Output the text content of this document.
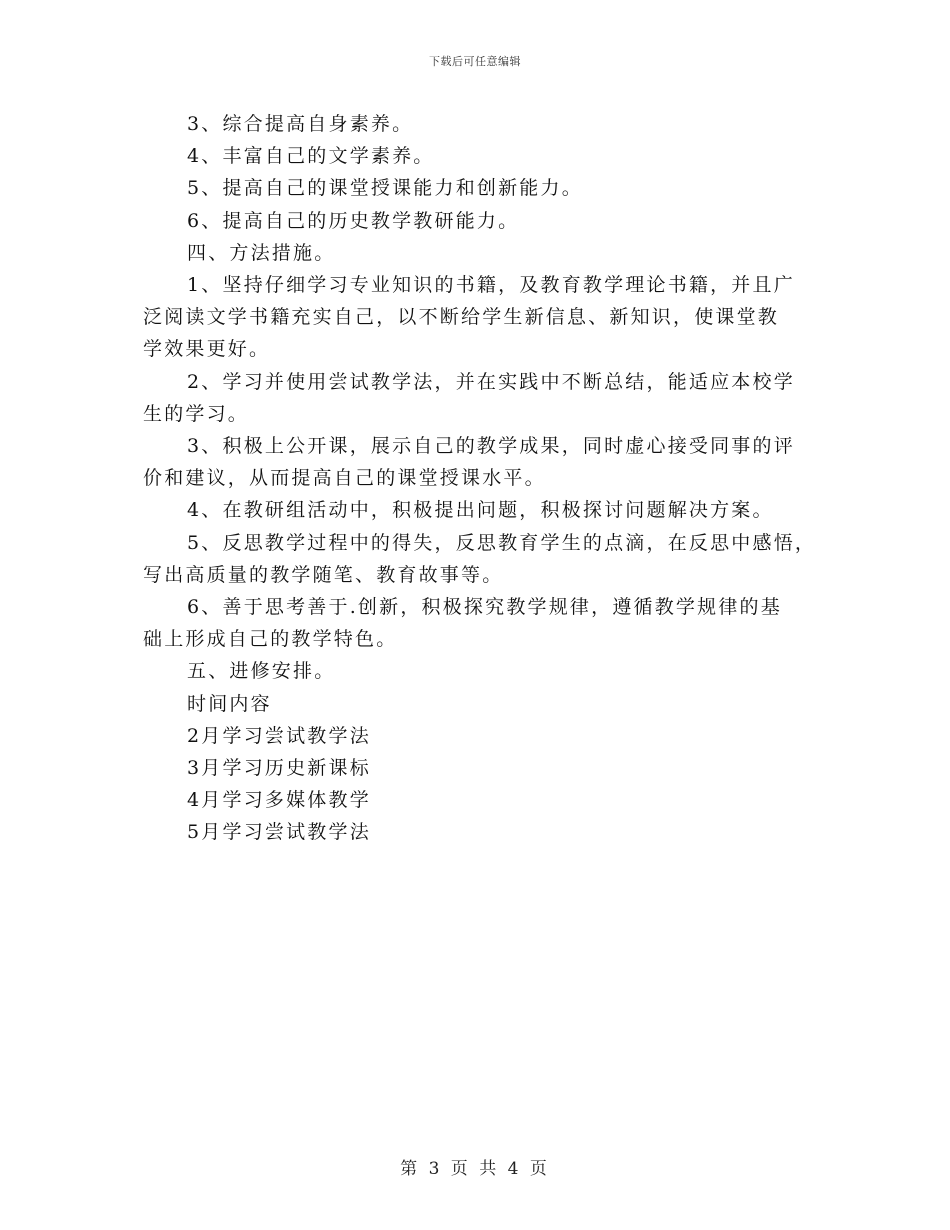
下载后可任意编辑
3、综合提高自身素养。
4、丰富自己的文学素养。
5、提高自己的课堂授课能力和创新能力。
6、提高自己的历史教学教研能力。
四、方法措施。
1、坚持仔细学习专业知识的书籍，及教育教学理论书籍，并且广
泛阅读文学书籍充实自己，以不断给学生新信息、新知识，使课堂教
学效果更好。
2、学习并使用尝试教学法，并在实践中不断总结，能适应本校学
生的学习。
3、积极上公开课，展示自己的教学成果，同时虚心接受同事的评
价和建议，从而提高自己的课堂授课水平。
4、在教研组活动中，积极提出问题，积极探讨问题解决方案。
5、反思教学过程中的得失，反思教育学生的点滴，在反思中感悟，
写出高质量的教学随笔、教育故事等。
6、善于思考善于.创新，积极探究教学规律，遵循教学规律的基
础上形成自己的教学特色。
五、进修安排。
时间内容
2月学习尝试教学法
3月学习历史新课标
4月学习多媒体教学
5月学习尝试教学法
第 3 页 共 4 页
